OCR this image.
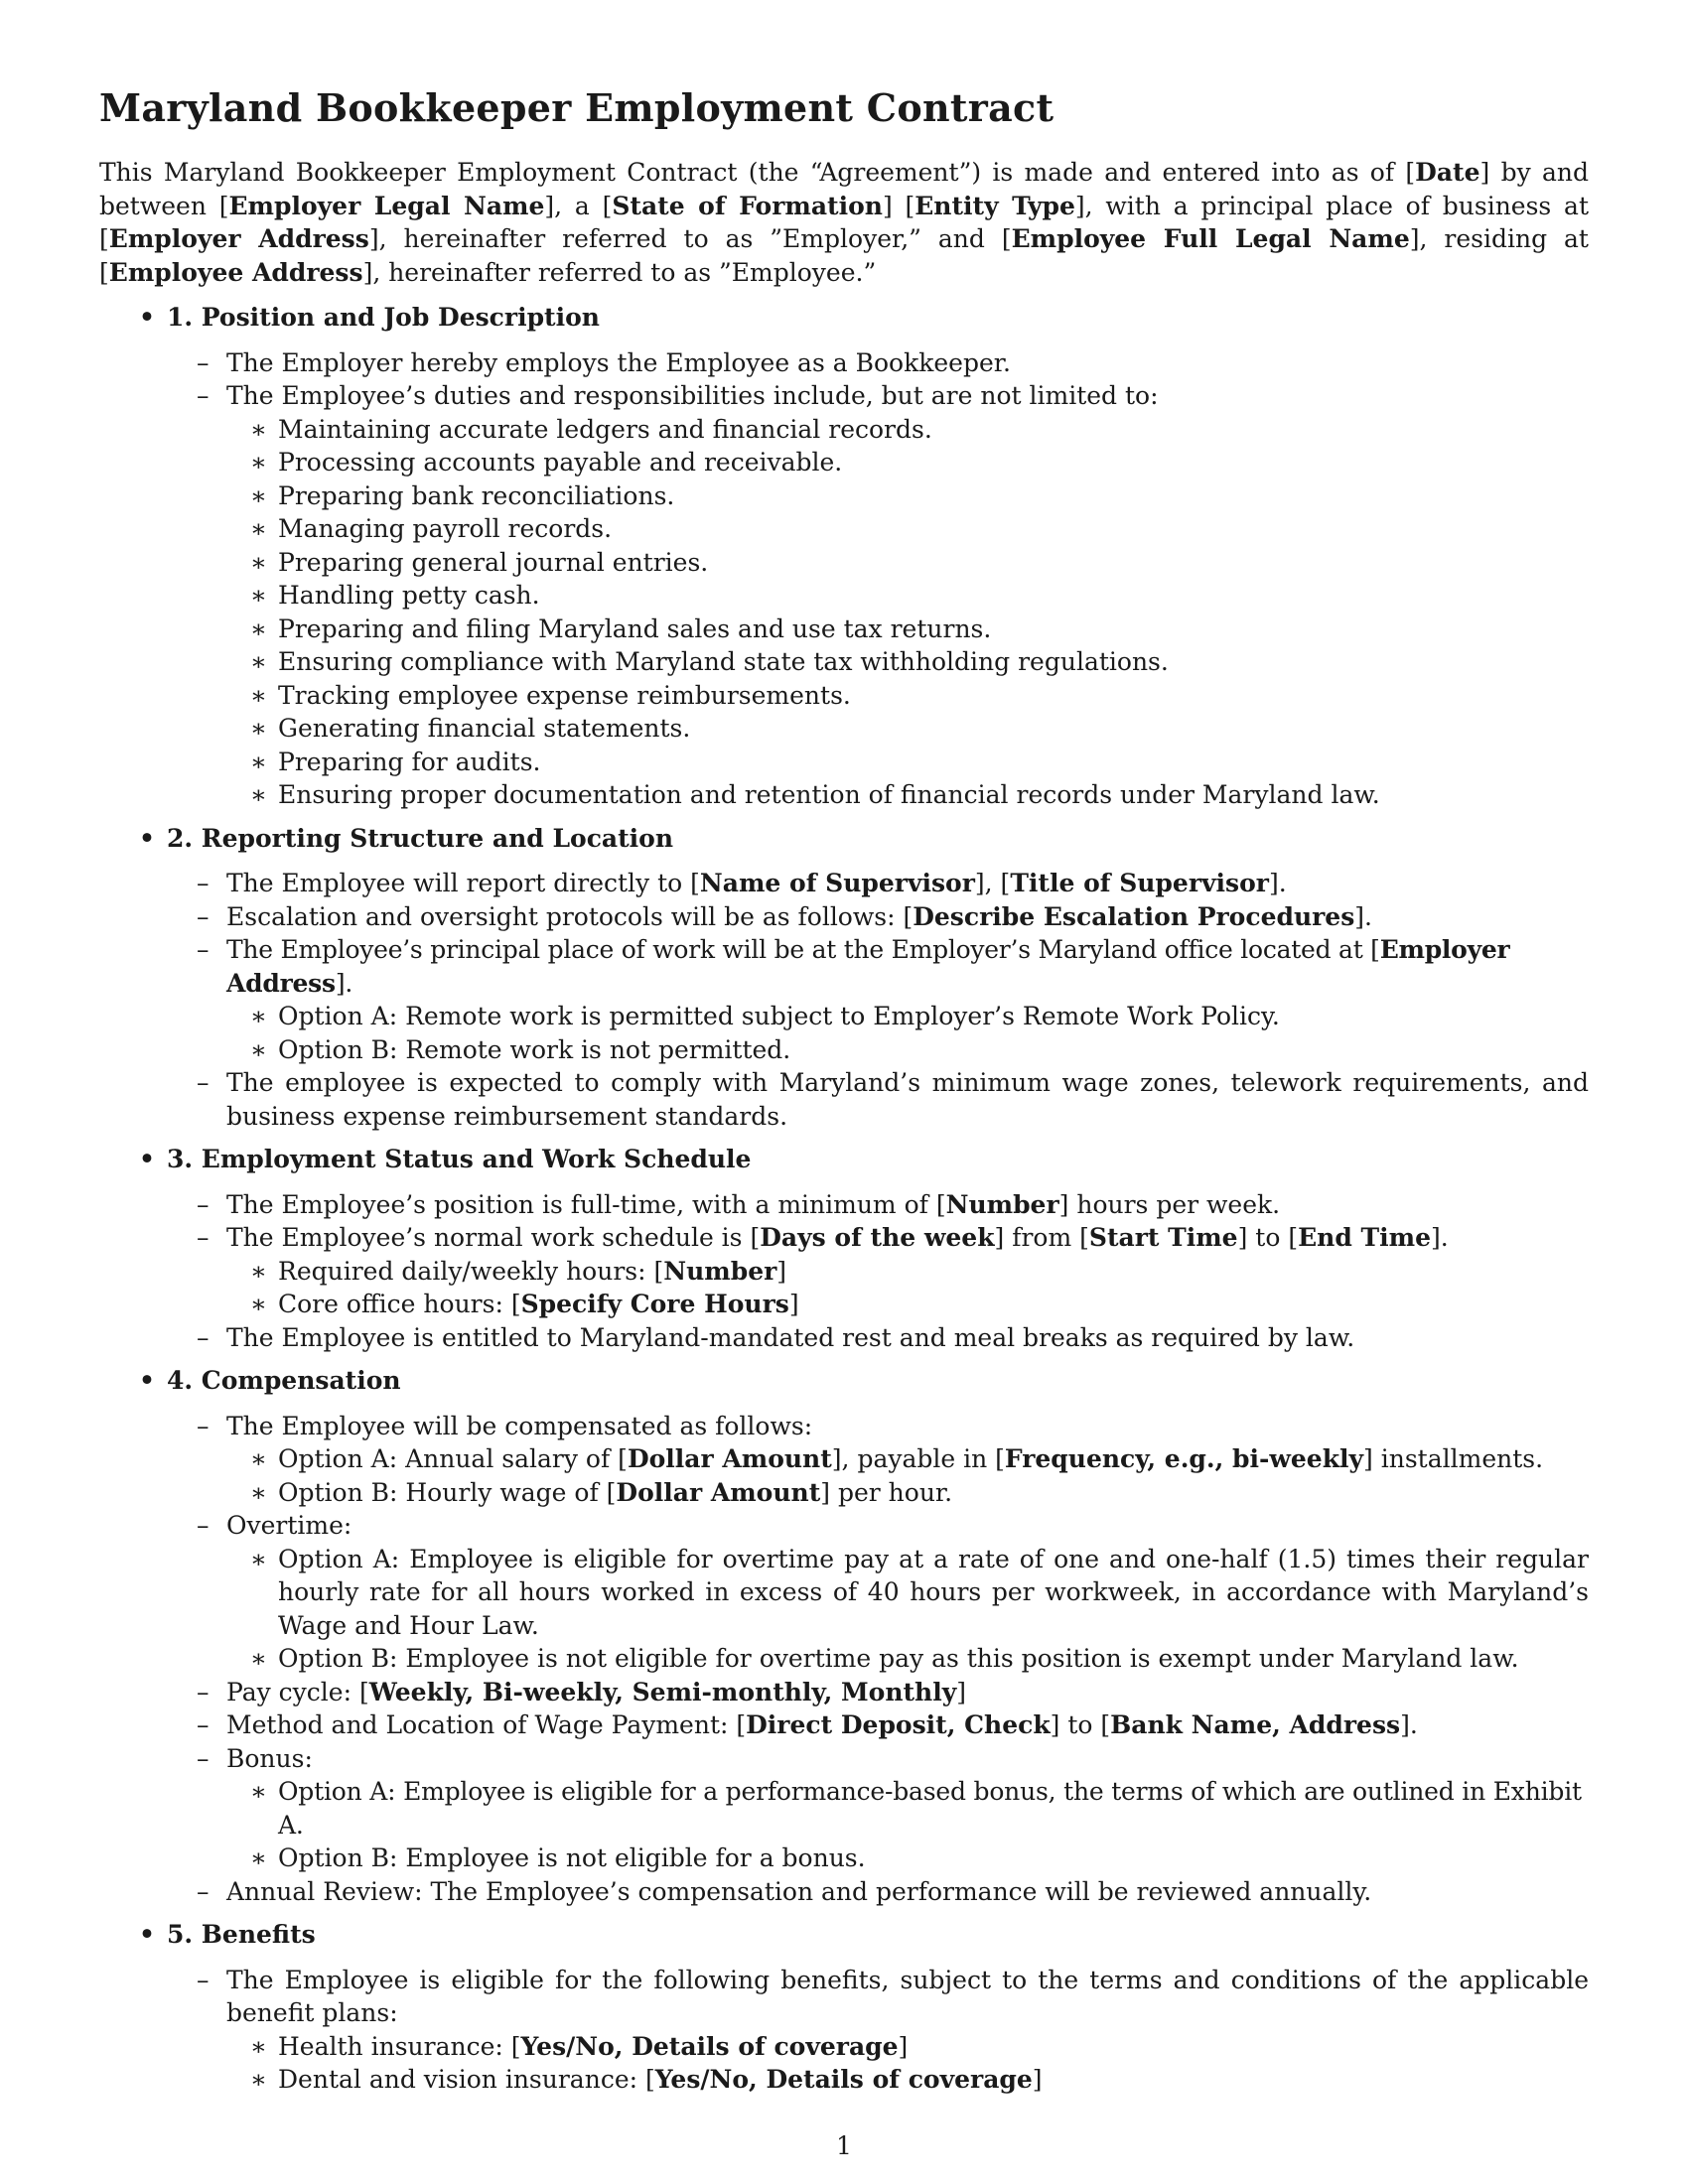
Maryland Bookkeeper Employment Contract

This Maryland Bookkeeper Employment Contract (the “Agreement”) is made and entered into as of [Date] by and between [Employer Legal Name], a [State of Formation] [Entity Type], with a principal place of business at [Employer Address], hereinafter referred to as ”Employer,” and [Employee Full Legal Name], residing at [Employee Address], hereinafter referred to as ”Employee.”

• 1. Position and Job Description
– The Employer hereby employs the Employee as a Bookkeeper.
– The Employee’s duties and responsibilities include, but are not limited to:
∗ Maintaining accurate ledgers and financial records.
∗ Processing accounts payable and receivable.
∗ Preparing bank reconciliations.
∗ Managing payroll records.
∗ Preparing general journal entries.
∗ Handling petty cash.
∗ Preparing and filing Maryland sales and use tax returns.
∗ Ensuring compliance with Maryland state tax withholding regulations.
∗ Tracking employee expense reimbursements.
∗ Generating financial statements.
∗ Preparing for audits.
∗ Ensuring proper documentation and retention of financial records under Maryland law.
• 2. Reporting Structure and Location
– The Employee will report directly to [Name of Supervisor], [Title of Supervisor].
– Escalation and oversight protocols will be as follows: [Describe Escalation Procedures].
– The Employee’s principal place of work will be at the Employer’s Maryland office located at [Employer Address].
∗ Option A: Remote work is permitted subject to Employer’s Remote Work Policy.
∗ Option B: Remote work is not permitted.
– The employee is expected to comply with Maryland’s minimum wage zones, telework requirements, and business expense reimbursement standards.
• 3. Employment Status and Work Schedule
– The Employee’s position is full-time, with a minimum of [Number] hours per week.
– The Employee’s normal work schedule is [Days of the week] from [Start Time] to [End Time].
∗ Required daily/weekly hours: [Number]
∗ Core office hours: [Specify Core Hours]
– The Employee is entitled to Maryland-mandated rest and meal breaks as required by law.
• 4. Compensation
– The Employee will be compensated as follows:
∗ Option A: Annual salary of [Dollar Amount], payable in [Frequency, e.g., bi-weekly] installments.
∗ Option B: Hourly wage of [Dollar Amount] per hour.
– Overtime:
∗ Option A: Employee is eligible for overtime pay at a rate of one and one-half (1.5) times their regular hourly rate for all hours worked in excess of 40 hours per workweek, in accordance with Maryland’s Wage and Hour Law.
∗ Option B: Employee is not eligible for overtime pay as this position is exempt under Maryland law.
– Pay cycle: [Weekly, Bi-weekly, Semi-monthly, Monthly]
– Method and Location of Wage Payment: [Direct Deposit, Check] to [Bank Name, Address].
– Bonus:
∗ Option A: Employee is eligible for a performance-based bonus, the terms of which are outlined in Exhibit A.
∗ Option B: Employee is not eligible for a bonus.
– Annual Review: The Employee’s compensation and performance will be reviewed annually.
• 5. Benefits
– The Employee is eligible for the following benefits, subject to the terms and conditions of the applicable benefit plans:
∗ Health insurance: [Yes/No, Details of coverage]
∗ Dental and vision insurance: [Yes/No, Details of coverage]
1
